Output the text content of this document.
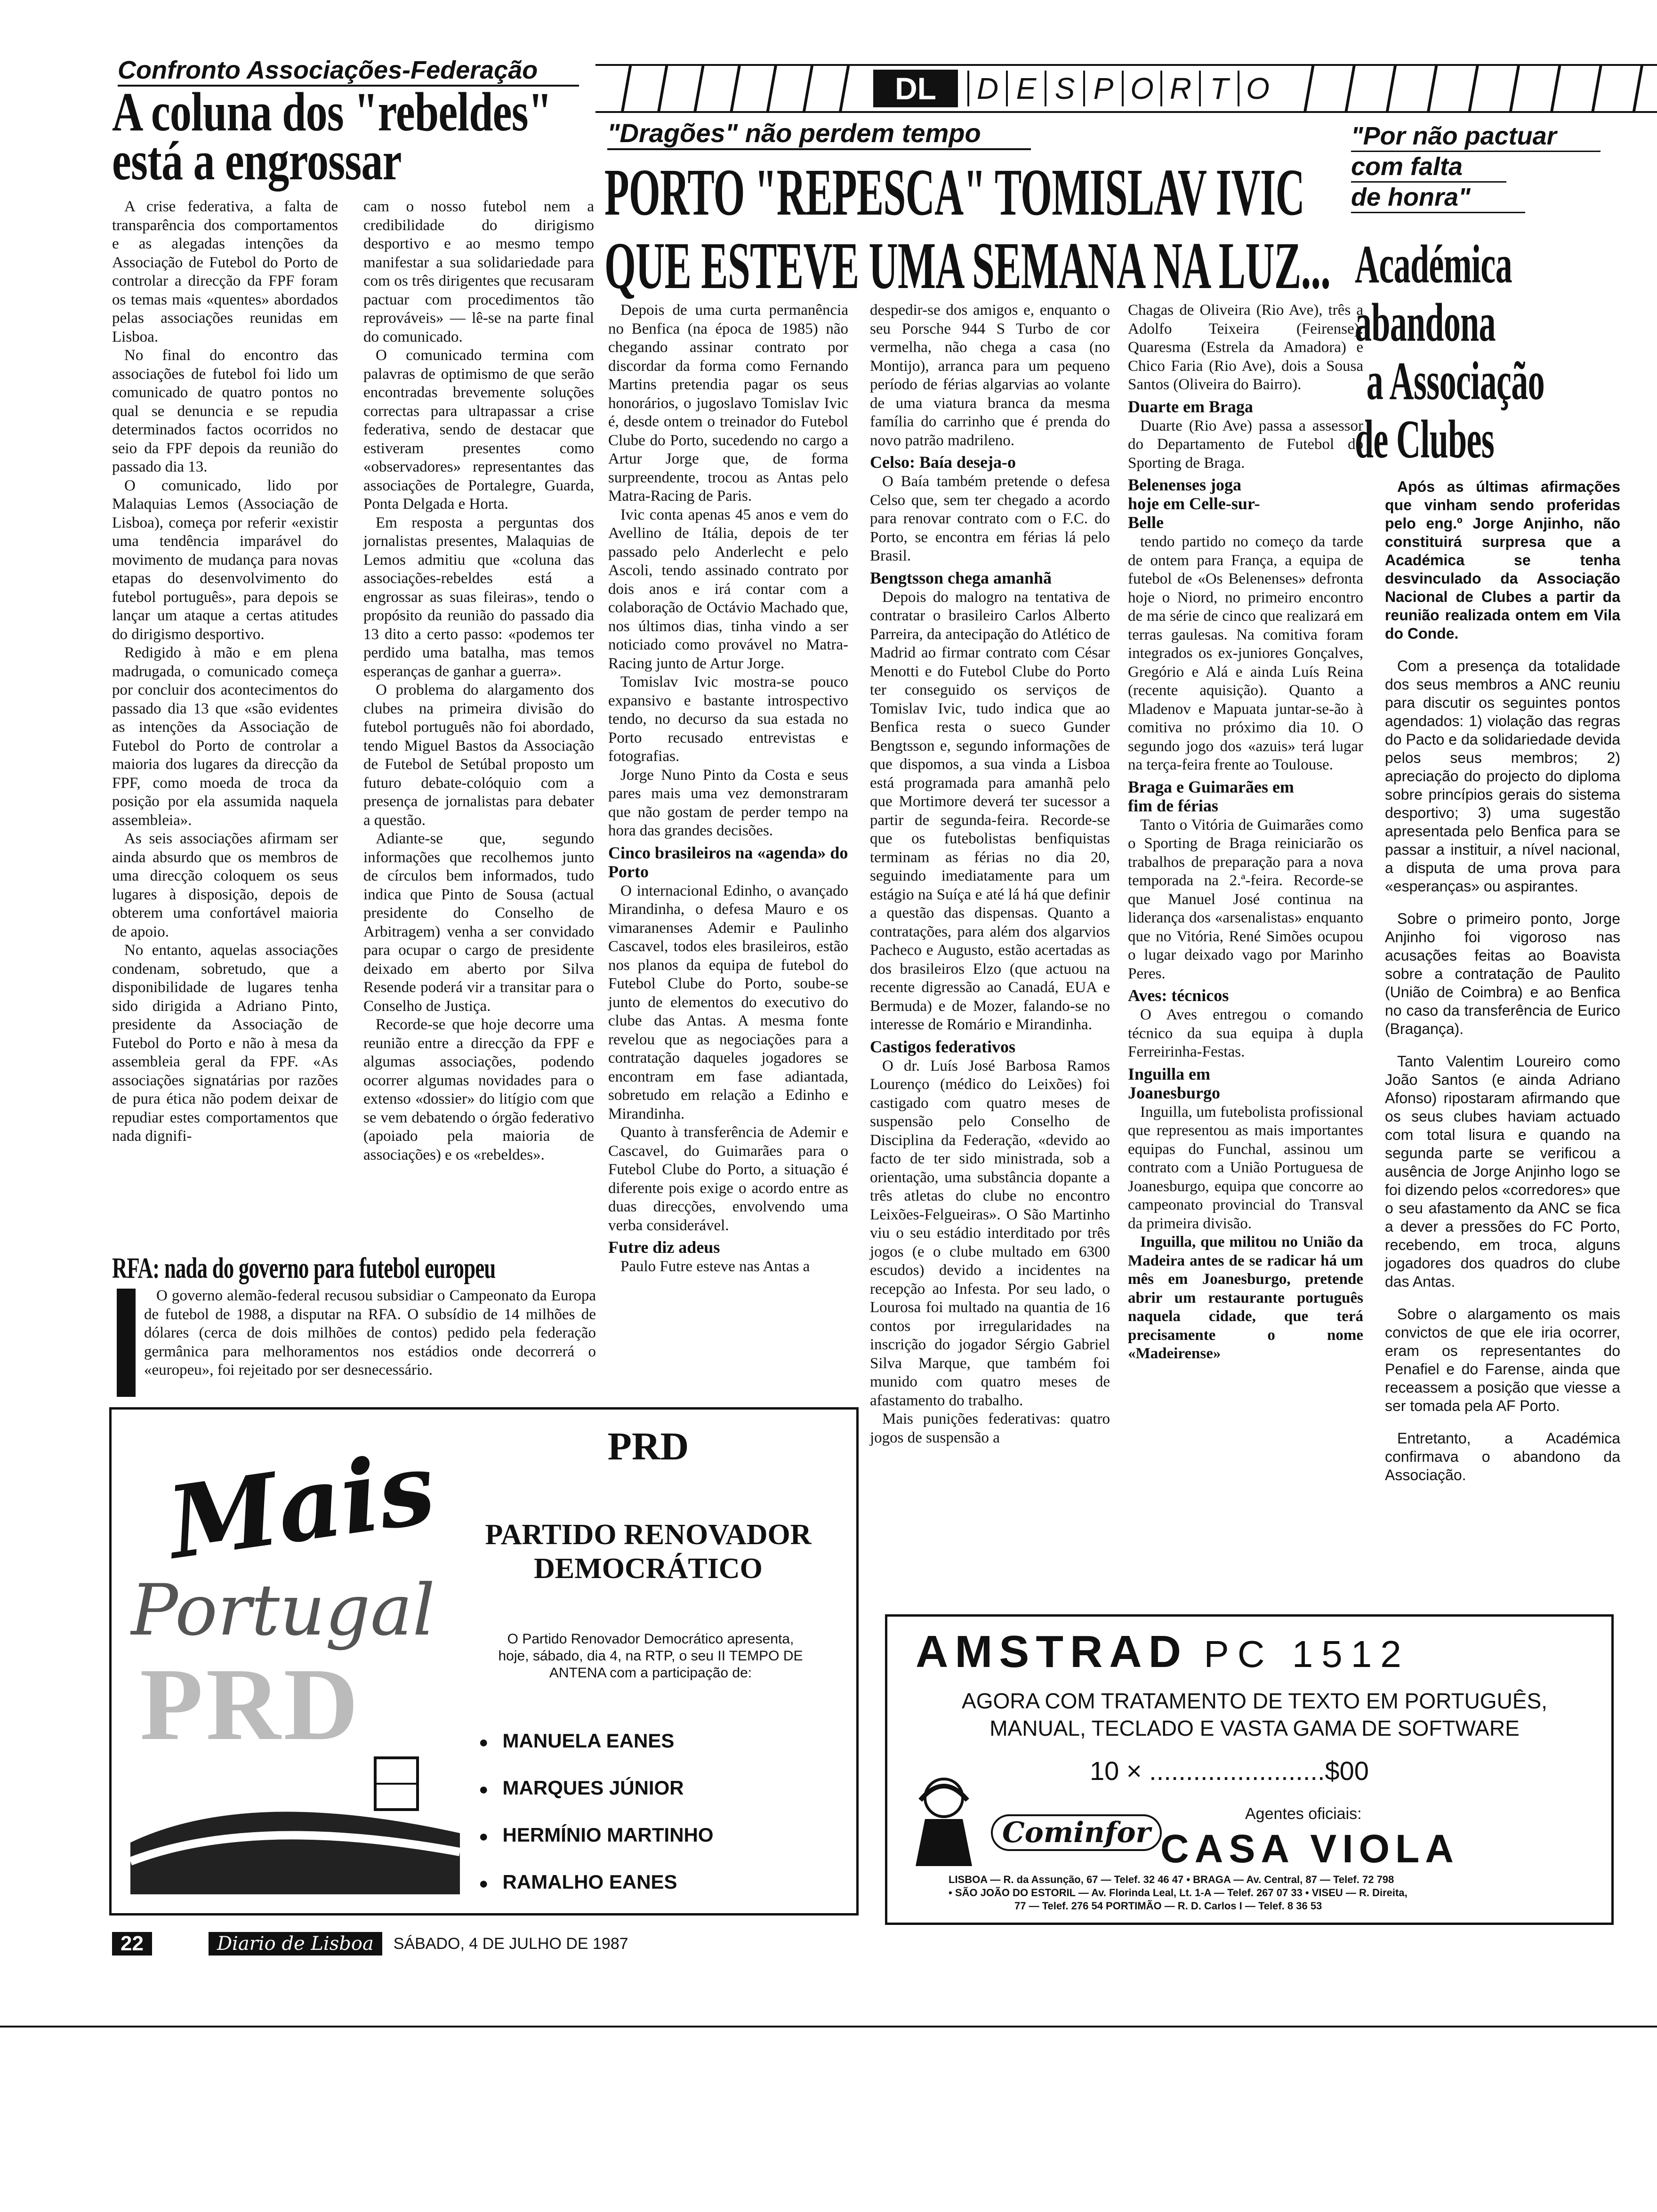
DL	D E S P O R T O
Confronto Associações-Federação
A coluna dos "rebeldes"
está a engrossar

A crise federativa, a falta de transparência dos comportamentos e as alegadas intenções da Associação de Futebol do Porto de controlar a direcção da FPF foram os temas mais «quentes» abordados pelas associações reunidas em Lisboa.

No final do encontro das associações de futebol foi lido um comunicado de quatro pontos no qual se denuncia e se repudia determinados factos ocorridos no seio da FPF depois da reunião do passado dia 13.

O comunicado, lido por Malaquias Lemos (Associação de Lisboa), começa por referir «existir uma tendência imparável do movimento de mudança para novas etapas do desenvolvimento do futebol português», para depois se lançar um ataque a certas atitudes do dirigismo desportivo.

Redigido à mão e em plena madrugada, o comunicado começa por concluir dos acontecimentos do passado dia 13 que «são evidentes as intenções da Associação de Futebol do Porto de controlar a maioria dos lugares da direcção da FPF, como moeda de troca da posição por ela assumida naquela assembleia».

As seis associações afirmam ser ainda absurdo que os membros de uma direcção coloquem os seus lugares à disposição, depois de obterem uma confortável maioria de apoio.

No entanto, aquelas associações condenam, sobretudo, que a disponibilidade de lugares tenha sido dirigida a Adriano Pinto, presidente da Associação de Futebol do Porto e não à mesa da assembleia geral da FPF. «As associações signatárias por razões de pura ética não podem deixar de repudiar estes comportamentos que nada dignifi-

cam o nosso futebol nem a credibilidade do dirigismo desportivo e ao mesmo tempo manifestar a sua solidariedade para com os três dirigentes que recusaram pactuar com procedimentos tão reprováveis» — lê-se na parte final do comunicado.

O comunicado termina com palavras de optimismo de que serão encontradas brevemente soluções correctas para ultrapassar a crise federativa, sendo de destacar que estiveram presentes como «observadores» representantes das associações de Portalegre, Guarda, Ponta Delgada e Horta.

Em resposta a perguntas dos jornalistas presentes, Malaquias de Lemos admitiu que «coluna das associações-rebeldes está a engrossar as suas fileiras», tendo o propósito da reunião do passado dia 13 dito a certo passo: «podemos ter perdido uma batalha, mas temos esperanças de ganhar a guerra».

O problema do alargamento dos clubes na primeira divisão do futebol português não foi abordado, tendo Miguel Bastos da Associação de Futebol de Setúbal proposto um futuro debate-colóquio com a presença de jornalistas para debater a questão.

Adiante-se que, segundo informações que recolhemos junto de círculos bem informados, tudo indica que Pinto de Sousa (actual presidente do Conselho de Arbitragem) venha a ser convidado para ocupar o cargo de presidente deixado em aberto por Silva Resende poderá vir a transitar para o Conselho de Justiça.

Recorde-se que hoje decorre uma reunião entre a direcção da FPF e algumas associações, podendo ocorrer algumas novidades para o extenso «dossier» do litígio com que se vem debatendo o órgão federativo (apoiado pela maioria de associações) e os «rebeldes».

RFA: nada do governo para futebol europeu

O governo alemão-federal recusou subsidiar o Campeonato da Europa de futebol de 1988, a disputar na RFA. O subsídio de 14 milhões de dólares (cerca de dois milhões de contos) pedido pela federação germânica para melhoramentos nos estádios onde decorrerá o «europeu», foi rejeitado por ser desnecessário.

"Dragões" não perdem tempo
PORTO "REPESCA" TOMISLAV IVIC
QUE ESTEVE UMA SEMANA NA LUZ...

Depois de uma curta permanência no Benfica (na época de 1985) não chegando assinar contrato por discordar da forma como Fernando Martins pretendia pagar os seus honorários, o jugoslavo Tomislav Ivic é, desde ontem o treinador do Futebol Clube do Porto, sucedendo no cargo a Artur Jorge que, de forma surpreendente, trocou as Antas pelo Matra-Racing de Paris.

Ivic conta apenas 45 anos e vem do Avellino de Itália, depois de ter passado pelo Anderlecht e pelo Ascoli, tendo assinado contrato por dois anos e irá contar com a colaboração de Octávio Machado que, nos últimos dias, tinha vindo a ser noticiado como provável no Matra-Racing junto de Artur Jorge.

Tomislav Ivic mostra-se pouco expansivo e bastante introspectivo tendo, no decurso da sua estada no Porto recusado entrevistas e fotografias.

Jorge Nuno Pinto da Costa e seus pares mais uma vez demonstraram que não gostam de perder tempo na hora das grandes decisões.

Cinco brasileiros na «agenda» do Porto

O internacional Edinho, o avançado Mirandinha, o defesa Mauro e os vimaranenses Ademir e Paulinho Cascavel, todos eles brasileiros, estão nos planos da equipa de futebol do Futebol Clube do Porto, soube-se junto de elementos do executivo do clube das Antas. A mesma fonte revelou que as negociações para a contratação daqueles jogadores se encontram em fase adiantada, sobretudo em relação a Edinho e Mirandinha.

Quanto à transferência de Ademir e Cascavel, do Guimarães para o Futebol Clube do Porto, a situação é diferente pois exige o acordo entre as duas direcções, envolvendo uma verba considerável.

Futre diz adeus

Paulo Futre esteve nas Antas a

despedir-se dos amigos e, enquanto o seu Porsche 944 S Turbo de cor vermelha, não chega a casa (no Montijo), arranca para um pequeno período de férias algarvias ao volante de uma viatura branca da mesma família do carrinho que é prenda do novo patrão madrileno.

Celso: Baía deseja-o

O Baía também pretende o defesa Celso que, sem ter chegado a acordo para renovar contrato com o F.C. do Porto, se encontra em férias lá pelo Brasil.

Bengtsson chega amanhã

Depois do malogro na tentativa de contratar o brasileiro Carlos Alberto Parreira, da antecipação do Atlético de Madrid ao firmar contrato com César Menotti e do Futebol Clube do Porto ter conseguido os serviços de Tomislav Ivic, tudo indica que ao Benfica resta o sueco Gunder Bengtsson e, segundo informações de que dispomos, a sua vinda a Lisboa está programada para amanhã pelo que Mortimore deverá ter sucessor a partir de segunda-feira. Recorde-se que os futebolistas benfiquistas terminam as férias no dia 20, seguindo imediatamente para um estágio na Suíça e até lá há que definir a questão das dispensas. Quanto a contratações, para além dos algarvios Pacheco e Augusto, estão acertadas as dos brasileiros Elzo (que actuou na recente digressão ao Canadá, EUA e Bermuda) e de Mozer, falando-se no interesse de Romário e Mirandinha.

Castigos federativos

O dr. Luís José Barbosa Ramos Lourenço (médico do Leixões) foi castigado com quatro meses de suspensão pelo Conselho de Disciplina da Federação, «devido ao facto de ter sido ministrada, sob a orientação, uma substância dopante a três atletas do clube no encontro Leixões-Felgueiras». O São Martinho viu o seu estádio interditado por três jogos (e o clube multado em 6300 escudos) devido a incidentes na recepção ao Infesta. Por seu lado, o Lourosa foi multado na quantia de 16 contos por irregularidades na inscrição do jogador Sérgio Gabriel Silva Marque, que também foi munido com quatro meses de afastamento do trabalho.

Mais punições federativas: quatro jogos de suspensão a

Chagas de Oliveira (Rio Ave), três a Adolfo Teixeira (Feirense). Quaresma (Estrela da Amadora) e Chico Faria (Rio Ave), dois a Sousa Santos (Oliveira do Bairro).

Duarte em Braga

Duarte (Rio Ave) passa a assessor do Departamento de Futebol do Sporting de Braga.

Belenenses joga hoje em Celle-sur-Belle

tendo partido no começo da tarde de ontem para França, a equipa de futebol de «Os Belenenses» defronta hoje o Niord, no primeiro encontro de ma série de cinco que realizará em terras gaulesas. Na comitiva foram integrados os ex-juniores Gonçalves, Gregório e Alá e ainda Luís Reina (recente aquisição). Quanto a Mladenov e Mapuata juntar-se-ão à comitiva no próximo dia 10. O segundo jogo dos «azuis» terá lugar na terça-feira frente ao Toulouse.

Braga e Guimarães em fim de férias

Tanto o Vitória de Guimarães como o Sporting de Braga reiniciarão os trabalhos de preparação para a nova temporada na 2.ª-feira. Recorde-se que Manuel José continua na liderança dos «arsenalistas» enquanto que no Vitória, René Simões ocupou o lugar deixado vago por Marinho Peres.

Aves: técnicos

O Aves entregou o comando técnico da sua equipa à dupla Ferreirinha-Festas.

Inguilla em Joanesburgo

Inguilla, um futebolista profissional que representou as mais importantes equipas do Funchal, assinou um contrato com a União Portuguesa de Joanesburgo, equipa que concorre ao campeonato provincial do Transval da primeira divisão.

Inguilla, que militou no União da Madeira antes de se radicar há um mês em Joanesburgo, pretende abrir um restaurante português naquela cidade, que terá precisamente o nome «Madeirense»

"Por não pactuar
com falta
de honra"
Académica
abandona
a Associação
de Clubes

Após as últimas afirmações que vinham sendo proferidas pelo eng.º Jorge Anjinho, não constituirá surpresa que a Académica se tenha desvinculado da Associação Nacional de Clubes a partir da reunião realizada ontem em Vila do Conde.

Com a presença da totalidade dos seus membros a ANC reuniu para discutir os seguintes pontos agendados: 1) violação das regras do Pacto e da solidariedade devida pelos seus membros; 2) apreciação do projecto do diploma sobre princípios gerais do sistema desportivo; 3) uma sugestão apresentada pelo Benfica para se passar a instituir, a nível nacional, a disputa de uma prova para «esperanças» ou aspirantes.

Sobre o primeiro ponto, Jorge Anjinho foi vigoroso nas acusações feitas ao Boavista sobre a contratação de Paulito (União de Coimbra) e ao Benfica no caso da transferência de Eurico (Bragança).

Tanto Valentim Loureiro como João Santos (e ainda Adriano Afonso) ripostaram afirmando que os seus clubes haviam actuado com total lisura e quando na segunda parte se verificou a ausência de Jorge Anjinho logo se foi dizendo pelos «corredores» que o seu afastamento da ANC se fica a dever a pressões do FC Porto, recebendo, em troca, alguns jogadores dos quadros do clube das Antas.

Sobre o alargamento os mais convictos de que ele iria ocorrer, eram os representantes do Penafiel e do Farense, ainda que receassem a posição que viesse a ser tomada pela AF Porto.

Entretanto, a Académica confirmava o abandono da Associação.

Mais
Portugal
PRD
PRD
PARTIDO RENOVADOR
DEMOCRÁTICO
O Partido Renovador Democrático apresenta, hoje, sábado, dia 4, na RTP, o seu II TEMPO DE ANTENA com a participação de:
● MANUELA EANES
● MARQUES JÚNIOR
● HERMÍNIO MARTINHO
● RAMALHO EANES
AMSTRAD PC 1512
AGORA COM TRATAMENTO DE TEXTO EM PORTUGUÊS,
MANUAL, TECLADO E VASTA GAMA DE SOFTWARE
10 × ........................$00
Agentes oficiais:
Cominfor CASA VIOLA
LISBOA — R. da Assunção, 67 — Telef. 32 46 47 • BRAGA — Av. Central, 87 — Telef. 72 798
• SÃO JOÃO DO ESTORIL — Av. Florinda Leal, Lt. 1-A — Telef. 267 07 33 • VISEU — R. Direita,
77 — Telef. 276 54 PORTIMÃO — R. D. Carlos I — Telef. 8 36 53
22	Diario de Lisboa	SÁBADO, 4 DE JULHO DE 1987
